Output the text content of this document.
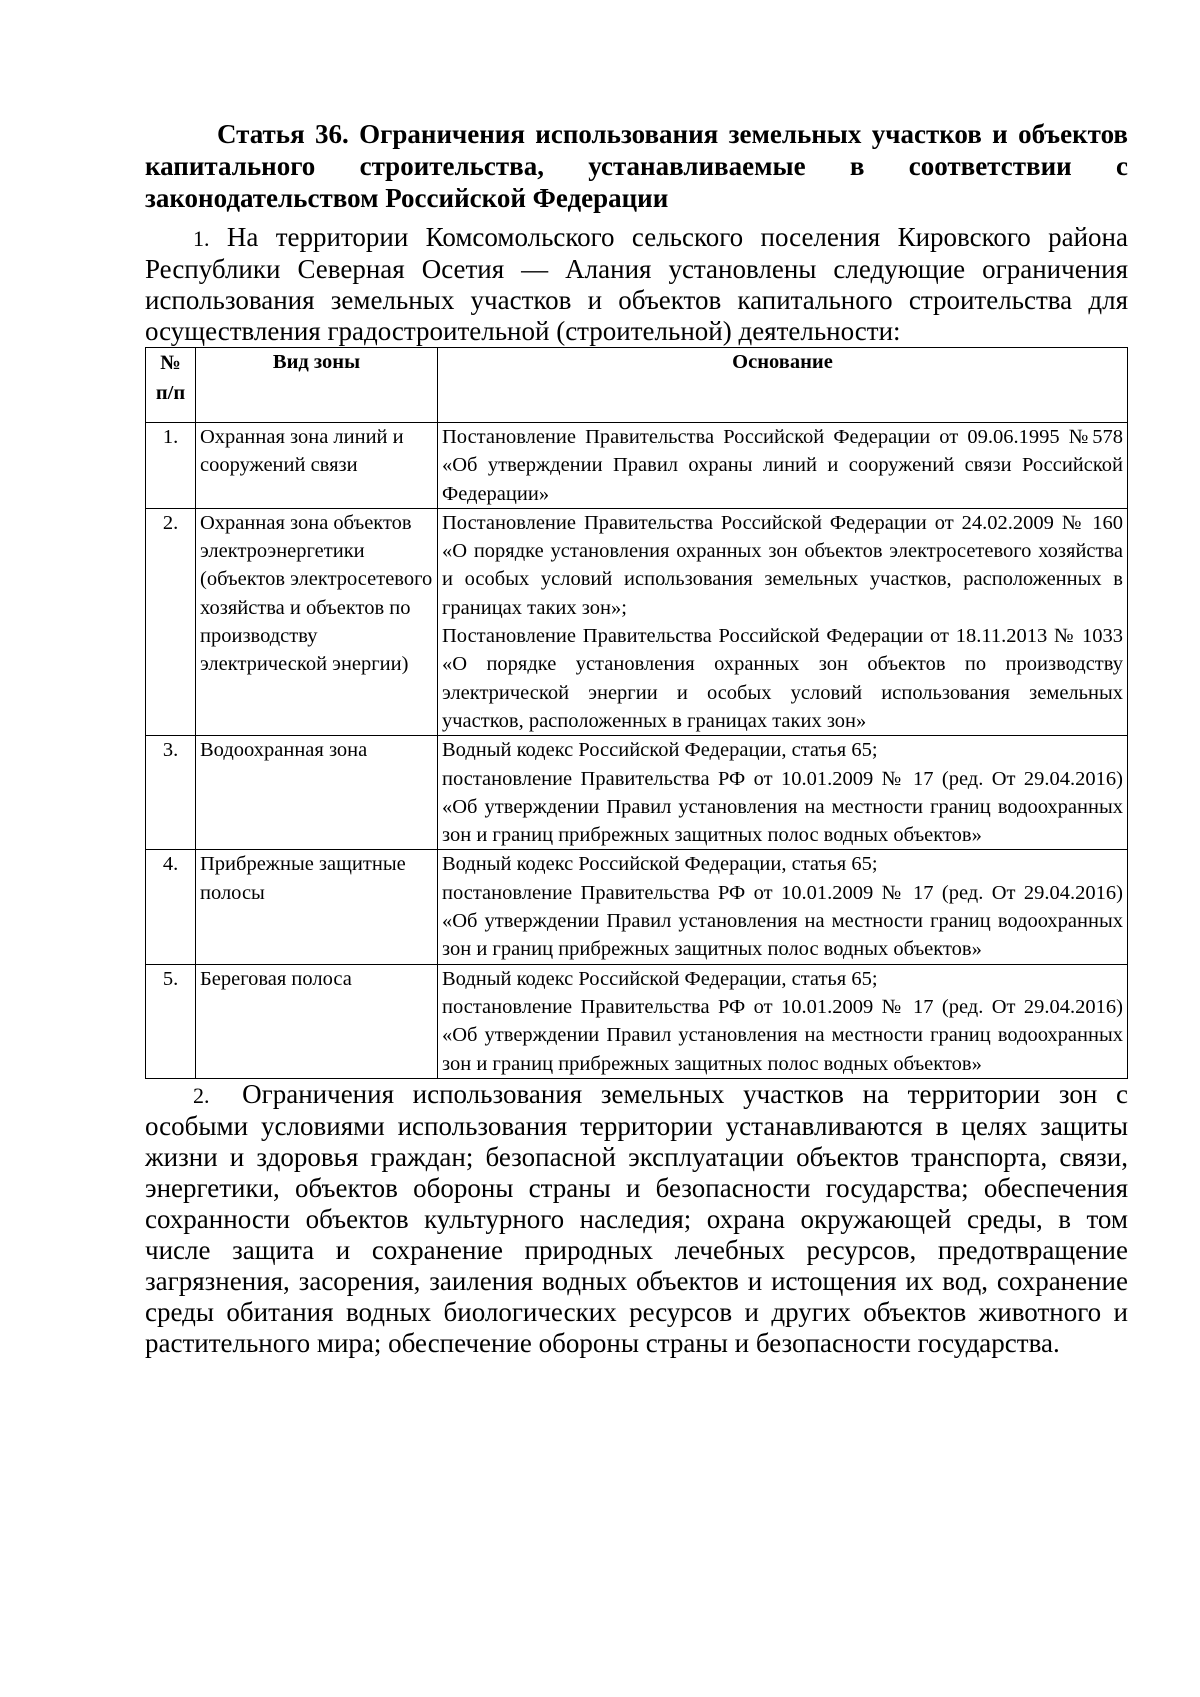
Статья 36. Ограничения использования земельных участков и объектов капитального строительства, устанавливаемые в соответствии с законодательством Российской Федерации

1. На территории Комсомольского сельского поселения Кировского района Республики Северная Осетия — Алания установлены следующие ограничения использования земельных участков и объектов капитального строительства для осуществления градостроительной (строительной) деятельности:

№ п/п	Вид зоны	Основание
1.	Охранная зона линий и сооружений связи	Постановление Правительства Российской Федерации от 09.06.1995 №578 «Об утверждении Правил охраны линий и сооружений связи Российской Федерации»

2.	Охранная зона объектов электроэнергетики (объектов электросетевого хозяйства и объектов по производству электрической энергии)	Постановление Правительства Российской Федерации от 24.02.2009 № 160 «О порядке установления охранных зон объектов электросетевого хозяйства и особых условий использования земельных участков, расположенных в границах таких зон»;

Постановление Правительства Российской Федерации от 18.11.2013 № 1033 «О порядке установления охранных зон объектов по производству электрической энергии и особых условий использования земельных участков, расположенных в границах таких зон»

3.	Водоохранная зона	Водный кодекс Российской Федерации, статья 65;

постановление Правительства РФ от 10.01.2009 № 17 (ред. От 29.04.2016) «Об утверждении Правил установления на местности границ водоохранных зон и границ прибрежных защитных полос водных объектов»

4.	Прибрежные защитные полосы	Водный кодекс Российской Федерации, статья 65;

постановление Правительства РФ от 10.01.2009 № 17 (ред. От 29.04.2016) «Об утверждении Правил установления на местности границ водоохранных зон и границ прибрежных защитных полос водных объектов»

5.	Береговая полоса	Водный кодекс Российской Федерации, статья 65;

постановление Правительства РФ от 10.01.2009 № 17 (ред. От 29.04.2016) «Об утверждении Правил установления на местности границ водоохранных зон и границ прибрежных защитных полос водных объектов»

2. Ограничения использования земельных участков на территории зон с особыми условиями использования территории устанавливаются в целях защиты жизни и здоровья граждан; безопасной эксплуатации объектов транспорта, связи, энергетики, объектов обороны страны и безопасности государства; обеспечения сохранности объектов культурного наследия; охрана окружающей среды, в том числе защита и сохранение природных лечебных ресурсов, предотвращение загрязнения, засорения, заиления водных объектов и истощения их вод, сохранение среды обитания водных биологических ресурсов и других объектов животного и растительного мира; обеспечение обороны страны и безопасности государства.
